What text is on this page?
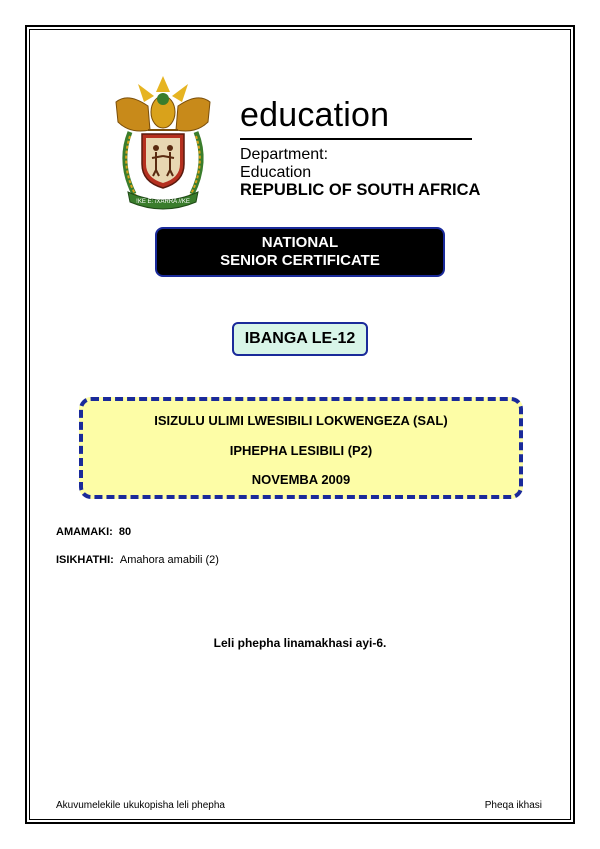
!KE E: /XARRA //KE
education
Department:
Education
REPUBLIC OF SOUTH AFRICA
NATIONAL
SENIOR CERTIFICATE
IBANGA LE-12
ISIZULU ULIMI LWESIBILI LOKWENGEZA (SAL)
IPHEPHA LESIBILI (P2)
NOVEMBA 2009
AMAMAKI: 80
ISIKHATHI: Amahora amabili (2)
Leli phepha linamakhasi ayi-6.
Akuvumelekile ukukopisha leli phepha	Pheqa ikhasi
